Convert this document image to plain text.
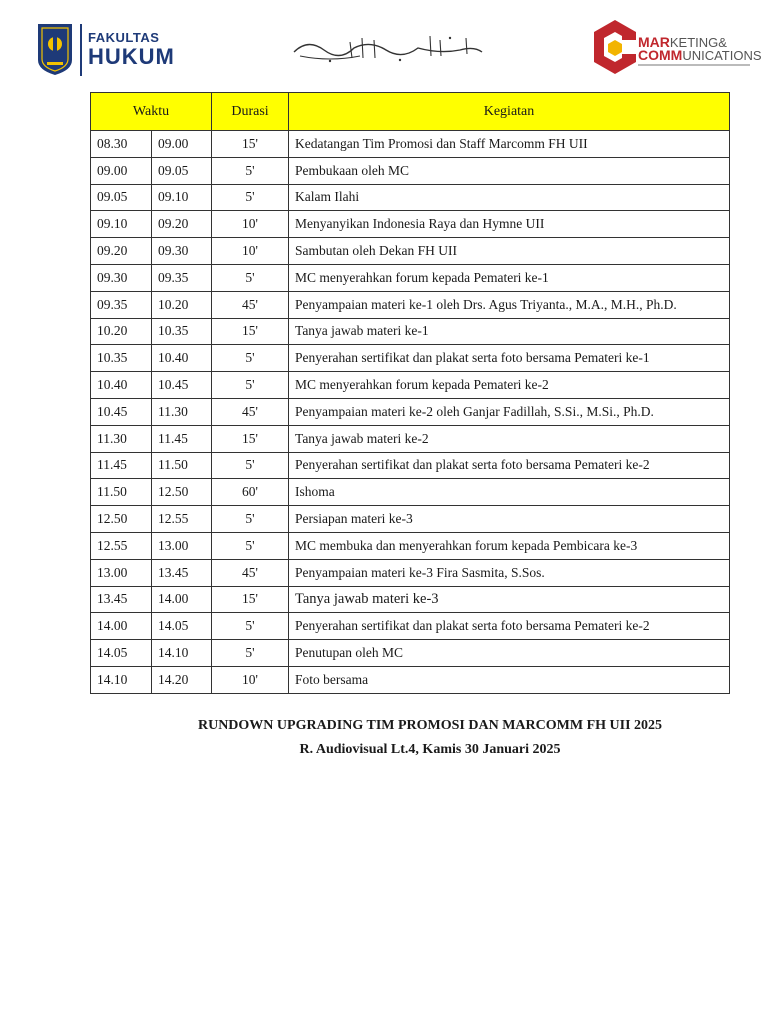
FAKULTAS
HUKUM
MARKETING&
COMMUNICATIONS
Waktu		Durasi	Kegiatan
08.30	09.00	15'	Kedatangan Tim Promosi dan Staff Marcomm FH UII
09.00	09.05	5'	Pembukaan oleh MC
09.05	09.10	5'	Kalam Ilahi
09.10	09.20	10'	Menyanyikan Indonesia Raya dan Hymne UII
09.20	09.30	10'	Sambutan oleh Dekan FH UII
09.30	09.35	5'	MC menyerahkan forum kepada Pemateri ke-1
09.35	10.20	45'	Penyampaian materi ke-1 oleh Drs. Agus Triyanta., M.A., M.H., Ph.D.
10.20	10.35	15'	Tanya jawab materi ke-1
10.35	10.40	5'	Penyerahan sertifikat dan plakat serta foto bersama Pemateri ke-1
10.40	10.45	5'	MC menyerahkan forum kepada Pemateri ke-2
10.45	11.30	45'	Penyampaian materi ke-2 oleh Ganjar Fadillah, S.Si., M.Si., Ph.D.
11.30	11.45	15'	Tanya jawab materi ke-2
11.45	11.50	5'	Penyerahan sertifikat dan plakat serta foto bersama Pemateri ke-2
11.50	12.50	60'	Ishoma
12.50	12.55	5'	Persiapan materi ke-3
12.55	13.00	5'	MC membuka dan menyerahkan forum kepada Pembicara ke-3
13.00	13.45	45'	Penyampaian materi ke-3 Fira Sasmita, S.Sos.
13.45	14.00	15'	Tanya jawab materi ke-3
14.00	14.05	5'	Penyerahan sertifikat dan plakat serta foto bersama Pemateri ke-2
14.05	14.10	5'	Penutupan oleh MC
14.10	14.20	10'	Foto bersama
RUNDOWN UPGRADING TIM PROMOSI DAN MARCOMM FH UII 2025
R. Audiovisual Lt.4, Kamis 30 Januari 2025
